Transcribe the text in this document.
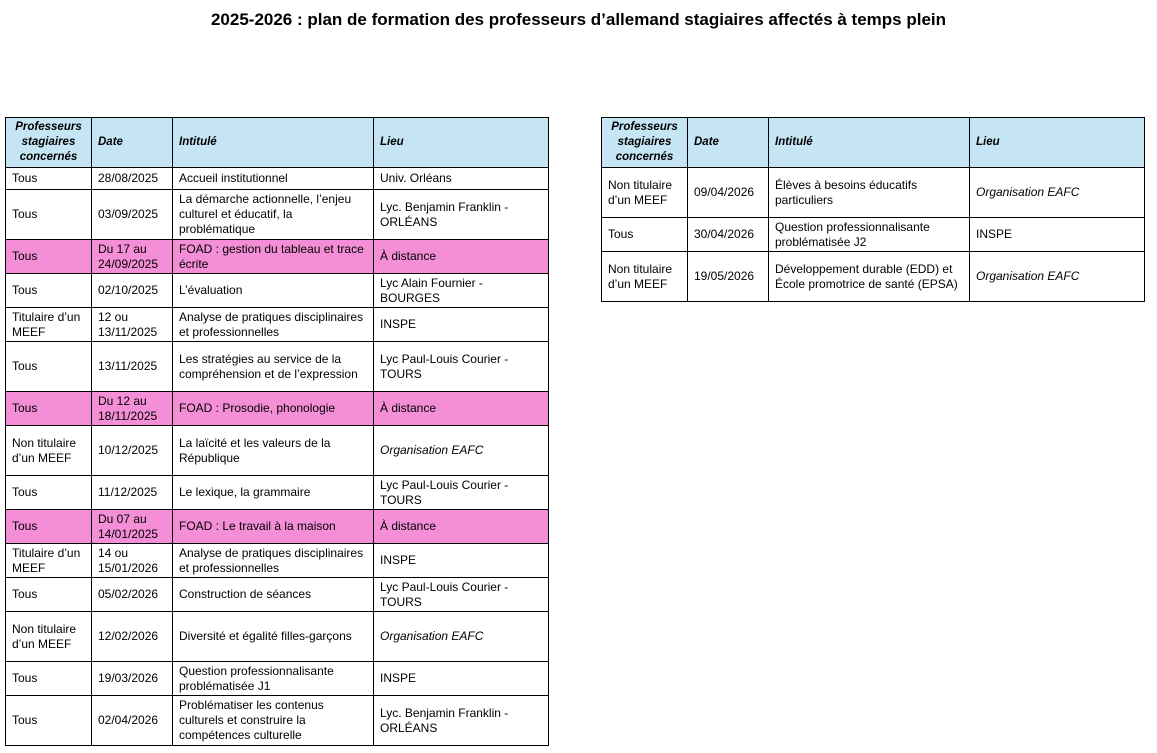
2025-2026 : plan de formation des professeurs d’allemand stagiaires affectés à temps plein
Professeurs stagiaires concernés	Date	Intitulé	Lieu
Tous	28/08/2025	Accueil institutionnel	Univ. Orléans
Tous	03/09/2025	La démarche actionnelle, l’enjeu culturel et éducatif, la problématique	Lyc. Benjamin Franklin - ORLÉANS
Tous	Du 17 au 24/09/2025	FOAD : gestion du tableau et trace écrite	À distance
Tous	02/10/2025	L’évaluation	Lyc Alain Fournier - BOURGES
Titulaire d’un MEEF	12 ou 13/11/2025	Analyse de pratiques disciplinaires et professionnelles	INSPE
Tous	13/11/2025	Les stratégies au service de la compréhension et de l’expression	Lyc Paul-Louis Courier - TOURS
Tous	Du 12 au 18/11/2025	FOAD : Prosodie, phonologie	À distance
Non titulaire d’un MEEF	10/12/2025	La laïcité et les valeurs de la République	Organisation EAFC
Tous	11/12/2025	Le lexique, la grammaire	Lyc Paul-Louis Courier - TOURS
Tous	Du 07 au 14/01/2025	FOAD : Le travail à la maison	À distance
Titulaire d’un MEEF	14 ou 15/01/2026	Analyse de pratiques disciplinaires et professionnelles	INSPE
Tous	05/02/2026	Construction de séances	Lyc Paul-Louis Courier - TOURS
Non titulaire d’un MEEF	12/02/2026	Diversité et égalité filles-garçons	Organisation EAFC
Tous	19/03/2026	Question professionnalisante problématisée J1	INSPE
Tous	02/04/2026	Problématiser les contenus culturels et construire la compétences culturelle	Lyc. Benjamin Franklin - ORLÉANS
Professeurs stagiaires concernés	Date	Intitulé	Lieu
Non titulaire d’un MEEF	09/04/2026	Élèves à besoins éducatifs particuliers	Organisation EAFC
Tous	30/04/2026	Question professionnalisante problématisée J2	INSPE
Non titulaire d’un MEEF	19/05/2026	Développement durable (EDD) et École promotrice de santé (EPSA)	Organisation EAFC
